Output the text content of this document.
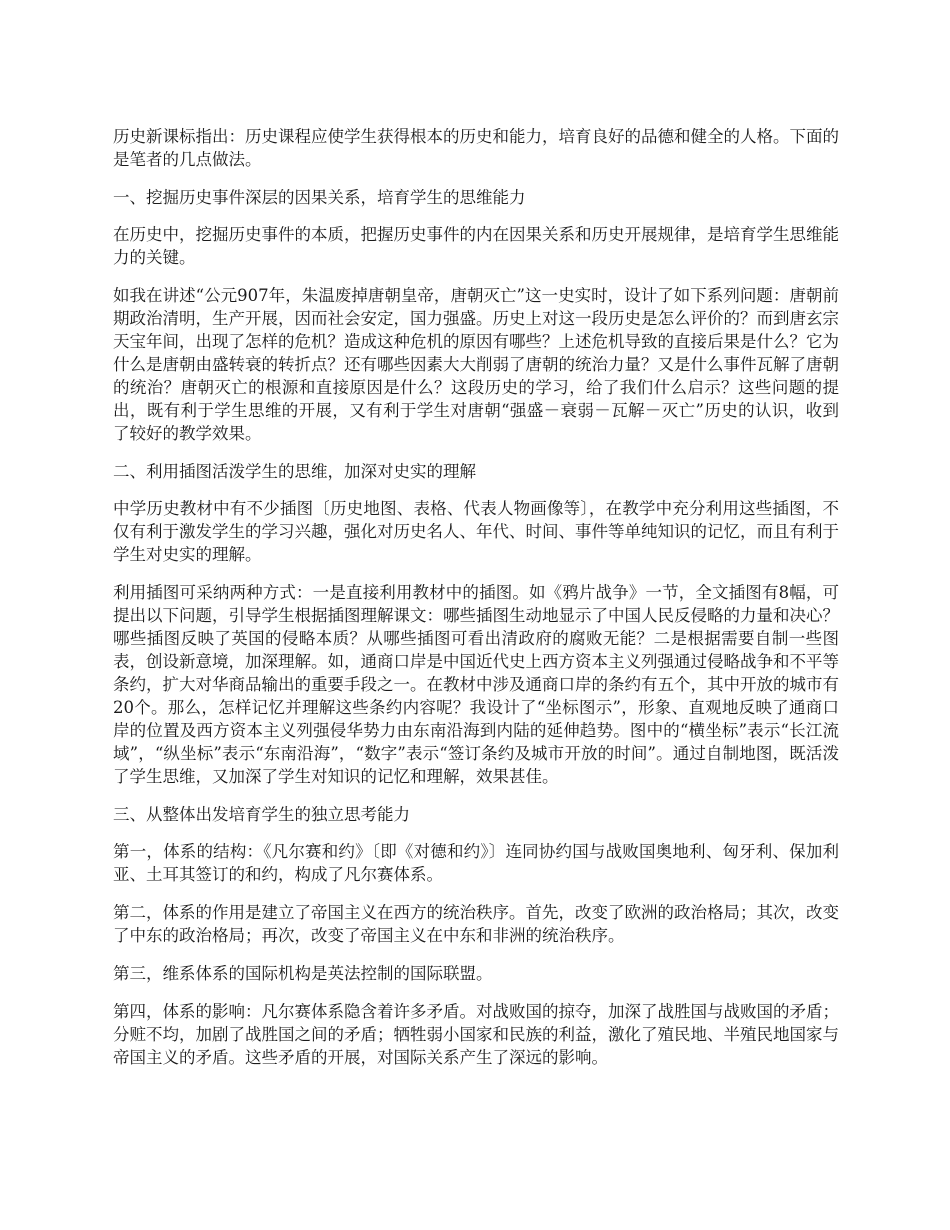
历史新课标指出：历史课程应使学生获得根本的历史和能力，培育良好的品德和健全的人格。下面的是笔者的几点做法。

一、挖掘历史事件深层的因果关系，培育学生的思维能力

在历史中，挖掘历史事件的本质，把握历史事件的内在因果关系和历史开展规律，是培育学生思维能力的关键。

如我在讲述“公元907年，朱温废掉唐朝皇帝，唐朝灭亡”这一史实时，设计了如下系列问题：唐朝前期政治清明，生产开展，因而社会安定，国力强盛。历史上对这一段历史是怎么评价的？而到唐玄宗天宝年间，出现了怎样的危机？造成这种危机的原因有哪些？上述危机导致的直接后果是什么？它为什么是唐朝由盛转衰的转折点？还有哪些因素大大削弱了唐朝的统治力量？又是什么事件瓦解了唐朝的统治？唐朝灭亡的根源和直接原因是什么？这段历史的学习，给了我们什么启示？这些问题的提出，既有利于学生思维的开展，又有利于学生对唐朝“强盛－衰弱－瓦解－灭亡”历史的认识，收到了较好的教学效果。

二、利用插图活泼学生的思维，加深对史实的理解

中学历史教材中有不少插图〔历史地图、表格、代表人物画像等〕，在教学中充分利用这些插图，不仅有利于激发学生的学习兴趣，强化对历史名人、年代、时间、事件等单纯知识的记忆，而且有利于学生对史实的理解。

利用插图可采纳两种方式：一是直接利用教材中的插图。如《鸦片战争》一节，全文插图有8幅，可提出以下问题，引导学生根据插图理解课文：哪些插图生动地显示了中国人民反侵略的力量和决心？哪些插图反映了英国的侵略本质？从哪些插图可看出清政府的腐败无能？二是根据需要自制一些图表，创设新意境，加深理解。如，通商口岸是中国近代史上西方资本主义列强通过侵略战争和不平等条约，扩大对华商品输出的重要手段之一。在教材中涉及通商口岸的条约有五个，其中开放的城市有20个。那么，怎样记忆并理解这些条约内容呢？我设计了“坐标图示”，形象、直观地反映了通商口岸的位置及西方资本主义列强侵华势力由东南沿海到内陆的延伸趋势。图中的“横坐标”表示“长江流域”，“纵坐标”表示“东南沿海”，“数字”表示“签订条约及城市开放的时间”。通过自制地图，既活泼了学生思维，又加深了学生对知识的记忆和理解，效果甚佳。

三、从整体出发培育学生的独立思考能力

第一，体系的结构：《凡尔赛和约》〔即《对德和约》〕连同协约国与战败国奥地利、匈牙利、保加利亚、土耳其签订的和约，构成了凡尔赛体系。

第二，体系的作用是建立了帝国主义在西方的统治秩序。首先，改变了欧洲的政治格局；其次，改变了中东的政治格局；再次，改变了帝国主义在中东和非洲的统治秩序。

第三，维系体系的国际机构是英法控制的国际联盟。

第四，体系的影响：凡尔赛体系隐含着许多矛盾。对战败国的掠夺，加深了战胜国与战败国的矛盾；分赃不均，加剧了战胜国之间的矛盾；牺牲弱小国家和民族的利益，激化了殖民地、半殖民地国家与帝国主义的矛盾。这些矛盾的开展，对国际关系产生了深远的影响。
